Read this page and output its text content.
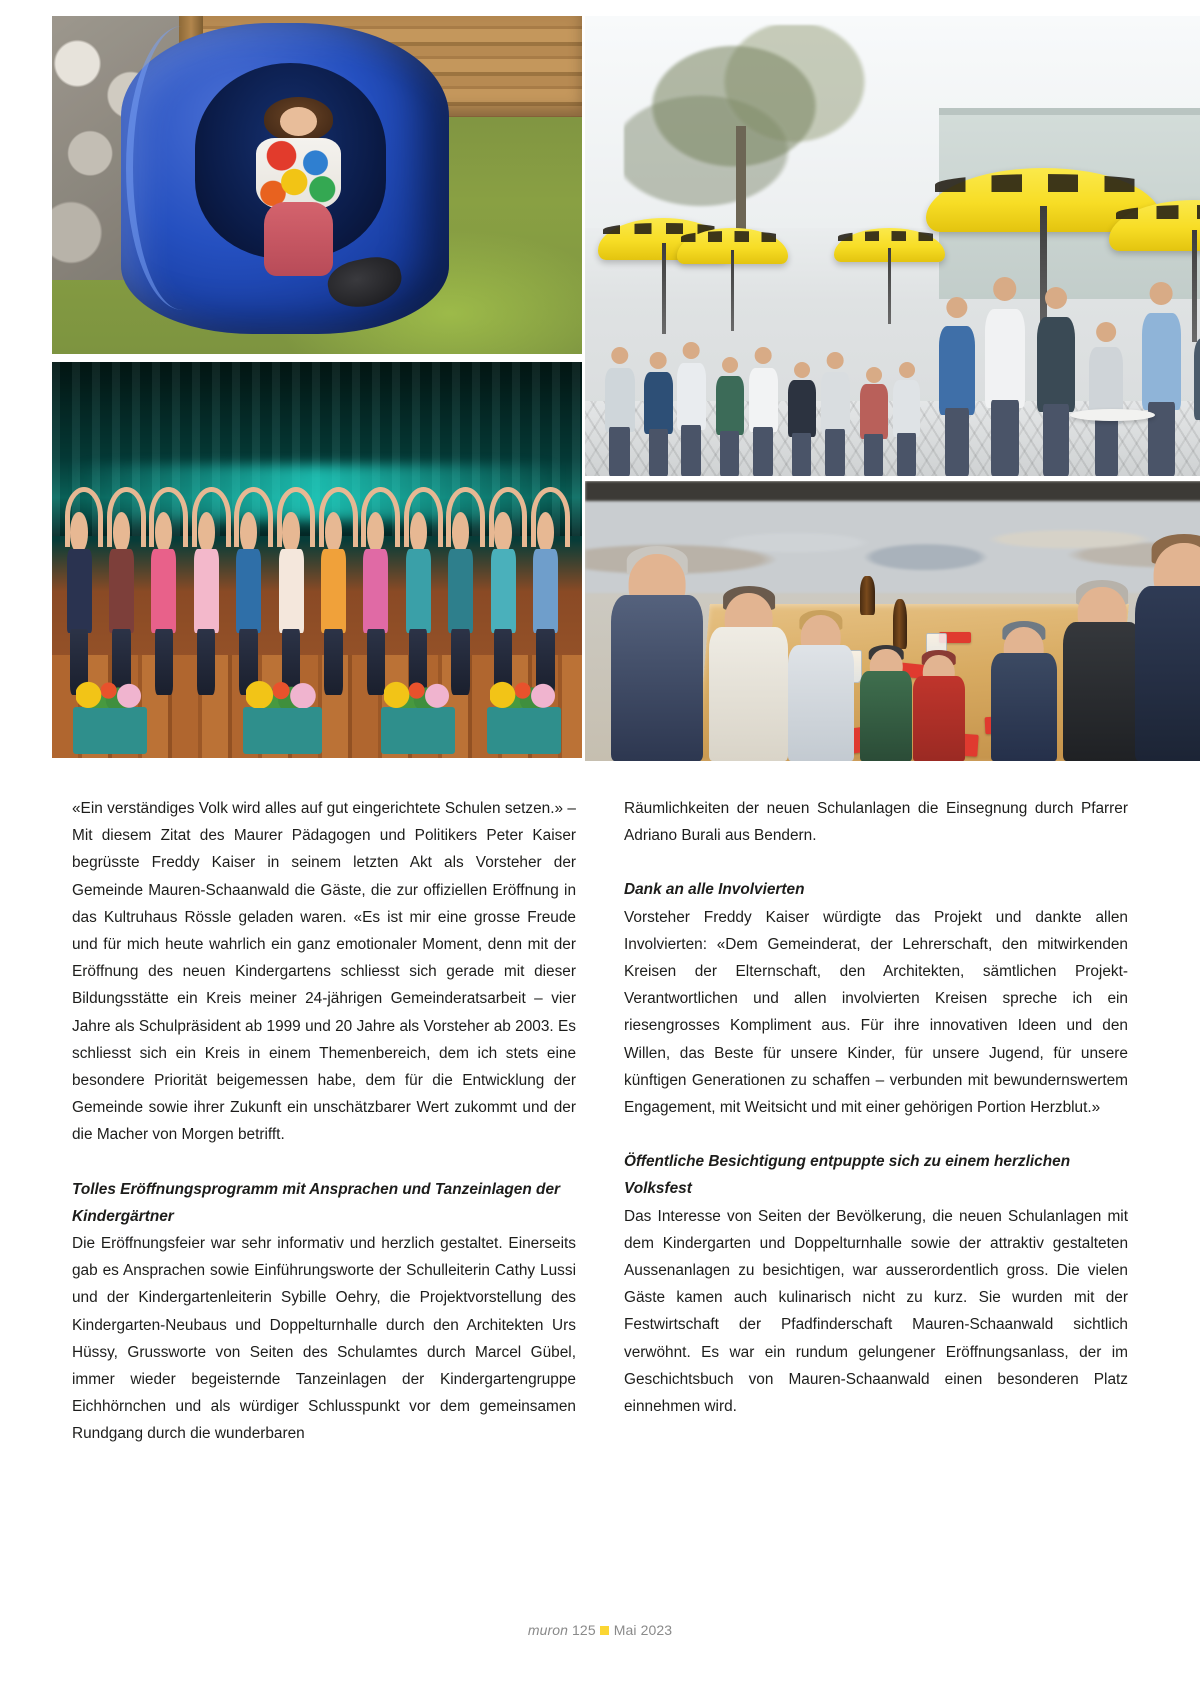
«Ein verständiges Volk wird alles auf gut eingerichtete Schulen setzen.» – Mit diesem Zitat des Maurer Pädagogen und Politikers Peter Kaiser begrüsste Freddy Kaiser in seinem letzten Akt als Vorsteher der Gemeinde Mauren-Schaanwald die Gäste, die zur offiziellen Eröffnung in das Kultruhaus Rössle geladen waren. «Es ist mir eine grosse Freude und für mich heute wahrlich ein ganz emotionaler Moment, denn mit der Eröffnung des neuen Kindergartens schliesst sich gerade mit dieser Bildungsstätte ein Kreis meiner 24-jährigen Gemeinderatsarbeit – vier Jahre als Schulpräsident ab 1999 und 20 Jahre als Vorsteher ab 2003. Es schliesst sich ein Kreis in einem Themenbereich, dem ich stets eine besondere Priorität beigemessen habe, dem für die Entwicklung der Gemeinde sowie ihrer Zukunft ein unschätzbarer Wert zukommt und der die Macher von Morgen betrifft.

Tolles Eröffnungsprogramm mit Ansprachen und Tanzeinlagen der Kindergärtner

Die Eröffnungsfeier war sehr informativ und herzlich gestaltet. Einerseits gab es Ansprachen sowie Einführungsworte der Schulleiterin Cathy Lussi und der Kindergartenleiterin Sybille Oehry, die Projektvorstellung des Kindergarten-Neubaus und Doppelturnhalle durch den Architekten Urs Hüssy, Grussworte von Seiten des Schulamtes durch Marcel Gübel, immer wieder begeisternde Tanzeinlagen der Kindergartengruppe Eichhörnchen und als würdiger Schlusspunkt vor dem gemeinsamen Rundgang durch die wunderbaren

Räumlichkeiten der neuen Schulanlagen die Einsegnung durch Pfarrer Adriano Burali aus Bendern.

Dank an alle Involvierten

Vorsteher Freddy Kaiser würdigte das Projekt und dankte allen Involvierten: «Dem Gemeinderat, der Lehrerschaft, den mitwirkenden Kreisen der Elternschaft, den Architekten, sämtlichen Projekt-Verantwortlichen und allen involvierten Kreisen spreche ich ein riesengrosses Kompliment aus. Für ihre innovativen Ideen und den Willen, das Beste für unsere Kinder, für unsere Jugend, für unsere künftigen Generationen zu schaffen – verbunden mit bewundernswertem Engagement, mit Weitsicht und mit einer gehörigen Portion Herzblut.»

Öffentliche Besichtigung entpuppte sich zu einem herzlichen Volksfest

Das Interesse von Seiten der Bevölkerung, die neuen Schulanlagen mit dem Kindergarten und Doppelturnhalle sowie der attraktiv gestalteten Aussenanlagen zu besichtigen, war ausserordentlich gross. Die vielen Gäste kamen auch kulinarisch nicht zu kurz. Sie wurden mit der Festwirtschaft der Pfadfinderschaft Mauren-Schaanwald sichtlich verwöhnt. Es war ein rundum gelungener Eröffnungsanlass, der im Geschichtsbuch von Mauren-Schaanwald einen besonderen Platz einnehmen wird.

muron 125 Mai 2023
